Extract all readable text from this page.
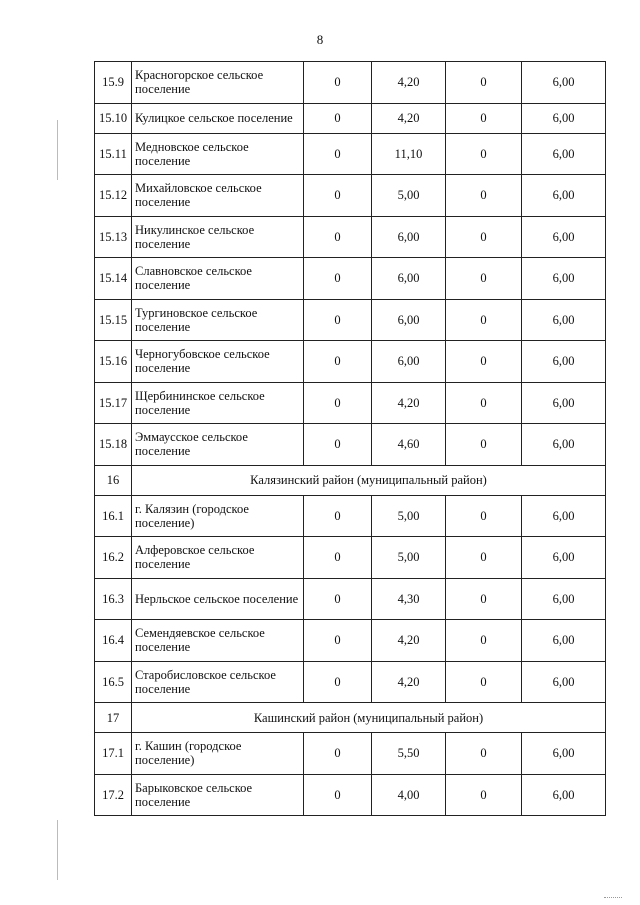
8
15.9	Красногорское сельское поселение	0	4,20	0	6,00
15.10	Кулицкое сельское поселение	0	4,20	0	6,00
15.11	Медновское сельское поселение	0	11,10	0	6,00
15.12	Михайловское сельское поселение	0	5,00	0	6,00
15.13	Никулинское сельское поселение	0	6,00	0	6,00
15.14	Славновское сельское поселение	0	6,00	0	6,00
15.15	Тургиновское сельское поселение	0	6,00	0	6,00
15.16	Черногубовское сельское поселение	0	6,00	0	6,00
15.17	Щербининское сельское поселение	0	4,20	0	6,00
15.18	Эммаусское сельское поселение	0	4,60	0	6,00
16	Калязинский район (муниципальный район)				
16.1	г. Калязин (городское поселение)	0	5,00	0	6,00
16.2	Алферовское сельское поселение	0	5,00	0	6,00
16.3	Нерльское сельское поселение	0	4,30	0	6,00
16.4	Семендяевское сельское поселение	0	4,20	0	6,00
16.5	Старобисловское сельское поселение	0	4,20	0	6,00
17	Кашинский район (муниципальный район)				
17.1	г. Кашин (городское поселение)	0	5,50	0	6,00
17.2	Барыковское сельское поселение	0	4,00	0	6,00
